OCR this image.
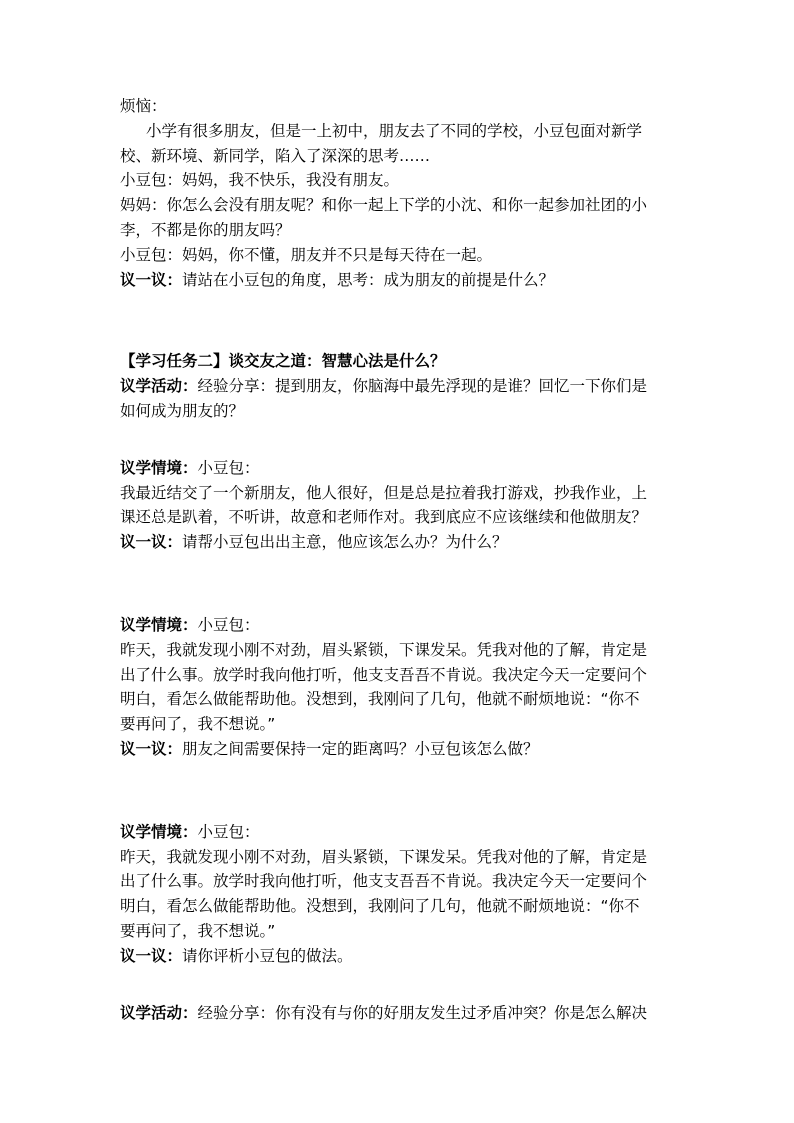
烦恼：

小学有很多朋友，但是一上初中，朋友去了不同的学校，小豆包面对新学

校、新环境、新同学，陷入了深深的思考……

小豆包：妈妈，我不快乐，我没有朋友。

妈妈：你怎么会没有朋友呢？和你一起上下学的小沈、和你一起参加社团的小

李，不都是你的朋友吗？

小豆包：妈妈，你不懂，朋友并不只是每天待在一起。

议一议：请站在小豆包的角度，思考：成为朋友的前提是什么？

【学习任务二】谈交友之道：智慧心法是什么？

议学活动：经验分享：提到朋友，你脑海中最先浮现的是谁？回忆一下你们是

如何成为朋友的？

议学情境：小豆包：

我最近结交了一个新朋友，他人很好，但是总是拉着我打游戏，抄我作业，上

课还总是趴着，不听讲，故意和老师作对。我到底应不应该继续和他做朋友？

议一议：请帮小豆包出出主意，他应该怎么办？为什么？

议学情境：小豆包：

昨天，我就发现小刚不对劲，眉头紧锁，下课发呆。凭我对他的了解，肯定是

出了什么事。放学时我向他打听，他支支吾吾不肯说。我决定今天一定要问个

明白，看怎么做能帮助他。没想到，我刚问了几句，他就不耐烦地说：“你不

要再问了，我不想说。”

议一议：朋友之间需要保持一定的距离吗？小豆包该怎么做？

议学情境：小豆包：

昨天，我就发现小刚不对劲，眉头紧锁，下课发呆。凭我对他的了解，肯定是

出了什么事。放学时我向他打听，他支支吾吾不肯说。我决定今天一定要问个

明白，看怎么做能帮助他。没想到，我刚问了几句，他就不耐烦地说：“你不

要再问了，我不想说。”

议一议：请你评析小豆包的做法。

议学活动：经验分享：你有没有与你的好朋友发生过矛盾冲突？你是怎么解决
